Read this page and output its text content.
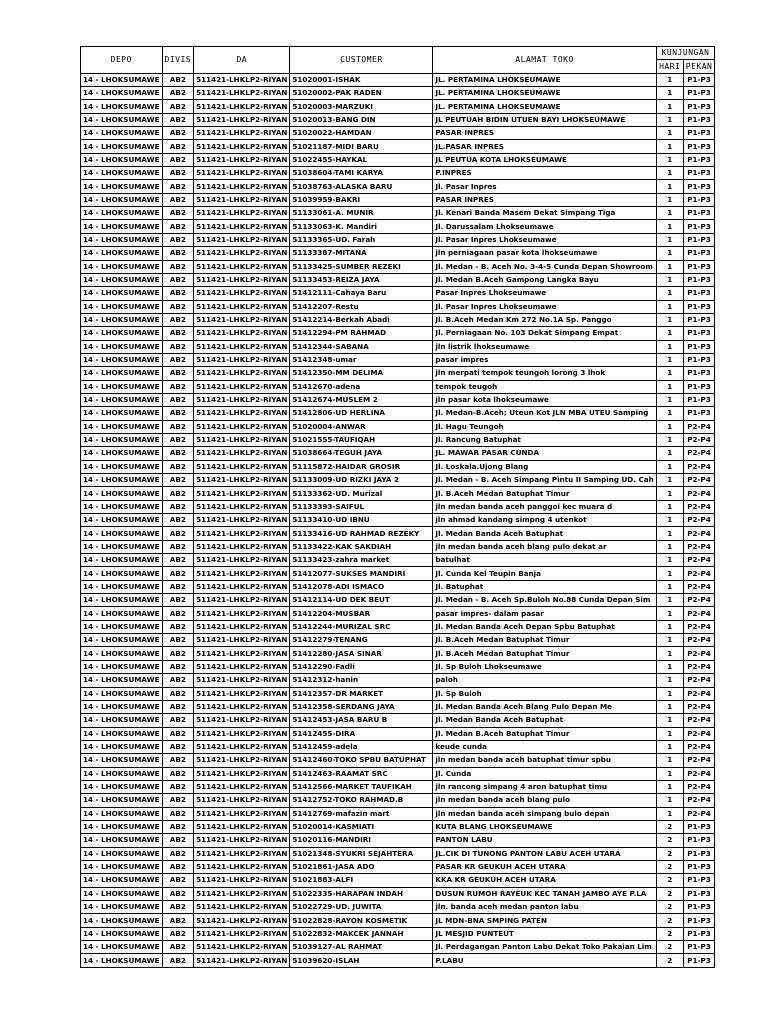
DEPO	DIVIS	DA	CUSTOMER	ALAMAT TOKO	KUNJUNGAN	
					HARI	PEKAN
14 - LHOKSUMAWE	AB2	511421-LHKLP2-RIYAN	51020001-ISHAK	JL. PERTAMINA LHOKSEUMAWE	1	P1-P3
14 - LHOKSUMAWE	AB2	511421-LHKLP2-RIYAN	51020002-PAK RADEN	JL. PERTAMINA LHOKSEUMAWE	1	P1-P3
14 - LHOKSUMAWE	AB2	511421-LHKLP2-RIYAN	51020003-MARZUKI	JL. PERTAMINA LHOKSEUMAWE	1	P1-P3
14 - LHOKSUMAWE	AB2	511421-LHKLP2-RIYAN	51020013-BANG DIN	JL PEUTUAH BIDIN UTUEN BAYI LHOKSEUMAWE	1	P1-P3
14 - LHOKSUMAWE	AB2	511421-LHKLP2-RIYAN	51020022-HAMDAN	PASAR INPRES	1	P1-P3
14 - LHOKSUMAWE	AB2	511421-LHKLP2-RIYAN	51021187-MIDI BARU	JL.PASAR INPRES	1	P1-P3
14 - LHOKSUMAWE	AB2	511421-LHKLP2-RIYAN	51022455-HAYKAL	JL PEUTUA KOTA LHOKSEUMAWE	1	P1-P3
14 - LHOKSUMAWE	AB2	511421-LHKLP2-RIYAN	51038604-TAMI KARYA	P.INPRES	1	P1-P3
14 - LHOKSUMAWE	AB2	511421-LHKLP2-RIYAN	51038763-ALASKA BARU	Jl. Pasar Inpres	1	P1-P3
14 - LHOKSUMAWE	AB2	511421-LHKLP2-RIYAN	51039959-BAKRI	PASAR INPRES	1	P1-P3
14 - LHOKSUMAWE	AB2	511421-LHKLP2-RIYAN	51133061-A. MUNIR	Jl. Kenari Banda Masem Dekat Simpang Tiga	1	P1-P3
14 - LHOKSUMAWE	AB2	511421-LHKLP2-RIYAN	51133063-K. Mandiri	Jl. Darussalam Lhokseumawe	1	P1-P3
14 - LHOKSUMAWE	AB2	511421-LHKLP2-RIYAN	51133365-UD. Farah	Jl. Pasar Inpres Lhokseumawe	1	P1-P3
14 - LHOKSUMAWE	AB2	511421-LHKLP2-RIYAN	51133387-MITANA	jln perniagaan pasar kota lhokseumawe	1	P1-P3
14 - LHOKSUMAWE	AB2	511421-LHKLP2-RIYAN	51133425-SUMBER REZEKI	Jl. Medan - B. Aceh No. 3-4-5 Cunda Depan Showroom	1	P1-P3
14 - LHOKSUMAWE	AB2	511421-LHKLP2-RIYAN	51133453-REIZA JAYA	Jl. Medan B.Aceh Gampong Langka Bayu	1	P1-P3
14 - LHOKSUMAWE	AB2	511421-LHKLP2-RIYAN	51412111-Cahaya Baru	Pasar Inpres Lhokseumawe	1	P1-P3
14 - LHOKSUMAWE	AB2	511421-LHKLP2-RIYAN	51412207-Restu	Jl. Pasar Inpres Lhokseumawe	1	P1-P3
14 - LHOKSUMAWE	AB2	511421-LHKLP2-RIYAN	51412214-Berkah Abadi	Jl. B.Aceh Medan Km 272 No.1A Sp. Panggo	1	P1-P3
14 - LHOKSUMAWE	AB2	511421-LHKLP2-RIYAN	51412294-PM RAHMAD	Jl. Perniagaan No. 103 Dekat Simpang Empat	1	P1-P3
14 - LHOKSUMAWE	AB2	511421-LHKLP2-RIYAN	51412344-SABANA	jln listrik lhokseumawe	1	P1-P3
14 - LHOKSUMAWE	AB2	511421-LHKLP2-RIYAN	51412348-umar	pasar impres	1	P1-P3
14 - LHOKSUMAWE	AB2	511421-LHKLP2-RIYAN	51412350-MM DELIMA	jln merpati tempok teungoh lorong 3 lhok	1	P1-P3
14 - LHOKSUMAWE	AB2	511421-LHKLP2-RIYAN	51412670-adena	tempok teugoh	1	P1-P3
14 - LHOKSUMAWE	AB2	511421-LHKLP2-RIYAN	51412674-MUSLEM 2	jln pasar kota lhokseumawe	1	P1-P3
14 - LHOKSUMAWE	AB2	511421-LHKLP2-RIYAN	51412806-UD HERLINA	Jl. Medan-B.Aceh; Uteun Kot JLN MBA UTEU Samping	1	P1-P3
14 - LHOKSUMAWE	AB2	511421-LHKLP2-RIYAN	51020004-ANWAR	Jl. Hagu Teungoh	1	P2-P4
14 - LHOKSUMAWE	AB2	511421-LHKLP2-RIYAN	51021555-TAUFIQAH	Jl. Rancung Batuphat	1	P2-P4
14 - LHOKSUMAWE	AB2	511421-LHKLP2-RIYAN	51038664-TEGUH JAYA	JL. MAWAR PASAR CUNDA	1	P2-P4
14 - LHOKSUMAWE	AB2	511421-LHKLP2-RIYAN	51115872-HAIDAR GROSIR	Jl. Loskala.Ujong Blang	1	P2-P4
14 - LHOKSUMAWE	AB2	511421-LHKLP2-RIYAN	51133009-UD RIZKI JAYA 2	Jl. Medan - B. Aceh Simpang Pintu II Samping UD. Cah	1	P2-P4
14 - LHOKSUMAWE	AB2	511421-LHKLP2-RIYAN	51133362-UD. Murizal	Jl. B.Aceh Medan Batuphat Timur	1	P2-P4
14 - LHOKSUMAWE	AB2	511421-LHKLP2-RIYAN	51133393-SAIFUL	jln medan banda aceh panggoi kec muara d	1	P2-P4
14 - LHOKSUMAWE	AB2	511421-LHKLP2-RIYAN	51133410-UD IBNU	jln ahmad kandang simpng 4 utenkot	1	P2-P4
14 - LHOKSUMAWE	AB2	511421-LHKLP2-RIYAN	51133416-UD RAHMAD REZEKY	Jl. Medan Banda Aceh Batuphat	1	P2-P4
14 - LHOKSUMAWE	AB2	511421-LHKLP2-RIYAN	51133422-KAK SAKDIAH	jln medan banda aceh blang pulo dekat ar	1	P2-P4
14 - LHOKSUMAWE	AB2	511421-LHKLP2-RIYAN	51133423-zahra market	batulhat	1	P2-P4
14 - LHOKSUMAWE	AB2	511421-LHKLP2-RIYAN	51412077-SUKSES MANDIRI	Jl. Cunda Kel Teupin Banja	1	P2-P4
14 - LHOKSUMAWE	AB2	511421-LHKLP2-RIYAN	51412078-ADI ISMACO	Jl. Batuphat	1	P2-P4
14 - LHOKSUMAWE	AB2	511421-LHKLP2-RIYAN	51412114-UD DEK BEUT	Jl. Medan - B. Aceh Sp.Buloh No.88 Cunda Depan Sim	1	P2-P4
14 - LHOKSUMAWE	AB2	511421-LHKLP2-RIYAN	51412204-MUSBAR	pasar impres- dalam pasar	1	P2-P4
14 - LHOKSUMAWE	AB2	511421-LHKLP2-RIYAN	51412244-MURIZAL SRC	Jl. Medan Banda Aceh Depan Spbu Batuphat	1	P2-P4
14 - LHOKSUMAWE	AB2	511421-LHKLP2-RIYAN	51412279-TENANG	Jl. B.Aceh Medan Batuphat Timur	1	P2-P4
14 - LHOKSUMAWE	AB2	511421-LHKLP2-RIYAN	51412280-JASA SINAR	Jl. B.Aceh Medan Batuphat Timur	1	P2-P4
14 - LHOKSUMAWE	AB2	511421-LHKLP2-RIYAN	51412290-Fadli	Jl. Sp Buloh Lhokseumawe	1	P2-P4
14 - LHOKSUMAWE	AB2	511421-LHKLP2-RIYAN	51412312-hanin	paloh	1	P2-P4
14 - LHOKSUMAWE	AB2	511421-LHKLP2-RIYAN	51412357-DR MARKET	Jl. Sp Buloh	1	P2-P4
14 - LHOKSUMAWE	AB2	511421-LHKLP2-RIYAN	51412358-SERDANG JAYA	Jl. Medan Banda Aceh Blang Pulo Depan Me	1	P2-P4
14 - LHOKSUMAWE	AB2	511421-LHKLP2-RIYAN	51412453-JASA BARU B	Jl. Medan Banda Aceh Batuphat	1	P2-P4
14 - LHOKSUMAWE	AB2	511421-LHKLP2-RIYAN	51412455-DIRA	Jl. Medan B.Aceh Batuphat Timur	1	P2-P4
14 - LHOKSUMAWE	AB2	511421-LHKLP2-RIYAN	51412459-adela	keude cunda	1	P2-P4
14 - LHOKSUMAWE	AB2	511421-LHKLP2-RIYAN	51412460-TOKO SPBU BATUPHAT	jln medan banda aceh batuphat timur spbu	1	P2-P4
14 - LHOKSUMAWE	AB2	511421-LHKLP2-RIYAN	51412463-RAAMAT SRC	Jl. Cunda	1	P2-P4
14 - LHOKSUMAWE	AB2	511421-LHKLP2-RIYAN	51412566-MARKET TAUFIKAH	jln rancong simpang 4 aron batuphat timu	1	P2-P4
14 - LHOKSUMAWE	AB2	511421-LHKLP2-RIYAN	51412752-TOKO RAHMAD.B	jln medan banda aceh blang pulo	1	P2-P4
14 - LHOKSUMAWE	AB2	511421-LHKLP2-RIYAN	51412769-mafazin mart	jln medan banda aceh simpang bulo depan	1	P2-P4
14 - LHOKSUMAWE	AB2	511421-LHKLP2-RIYAN	51020014-KASMIATI	KUTA BLANG LHOKSEUMAWE	2	P1-P3
14 - LHOKSUMAWE	AB2	511421-LHKLP2-RIYAN	51020116-MANDIRI	PANTON LABU	2	P1-P3
14 - LHOKSUMAWE	AB2	511421-LHKLP2-RIYAN	51021348-SYUKRI SEJAHTERA	JL.CIK DI TUNONG PANTON LABU ACEH UTARA	2	P1-P3
14 - LHOKSUMAWE	AB2	511421-LHKLP2-RIYAN	51021861-JASA ADO	PASAR KR GEUKUH ACEH UTARA	2	P1-P3
14 - LHOKSUMAWE	AB2	511421-LHKLP2-RIYAN	51021883-ALFI	KKA KR GEUKUH ACEH UTARA	2	P1-P3
14 - LHOKSUMAWE	AB2	511421-LHKLP2-RIYAN	51022335-HARAPAN INDAH	DUSUN RUMOH RAYEUK KEC TANAH JAMBO AYE P.LA	2	P1-P3
14 - LHOKSUMAWE	AB2	511421-LHKLP2-RIYAN	51022729-UD. JUWITA	jln. banda aceh medan panton labu	2	P1-P3
14 - LHOKSUMAWE	AB2	511421-LHKLP2-RIYAN	51022828-RAYON KOSMETIK	JL MDN-BNA SMPING PATEN	2	P1-P3
14 - LHOKSUMAWE	AB2	511421-LHKLP2-RIYAN	51022832-MAKCEK JANNAH	JL MESJID PUNTEUT	2	P1-P3
14 - LHOKSUMAWE	AB2	511421-LHKLP2-RIYAN	51039127-AL RAHMAT	Jl. Perdagangan Panton Labu Dekat Toko Pakaian Lim	2	P1-P3
14 - LHOKSUMAWE	AB2	511421-LHKLP2-RIYAN	51039620-ISLAH	P.LABU	2	P1-P3
